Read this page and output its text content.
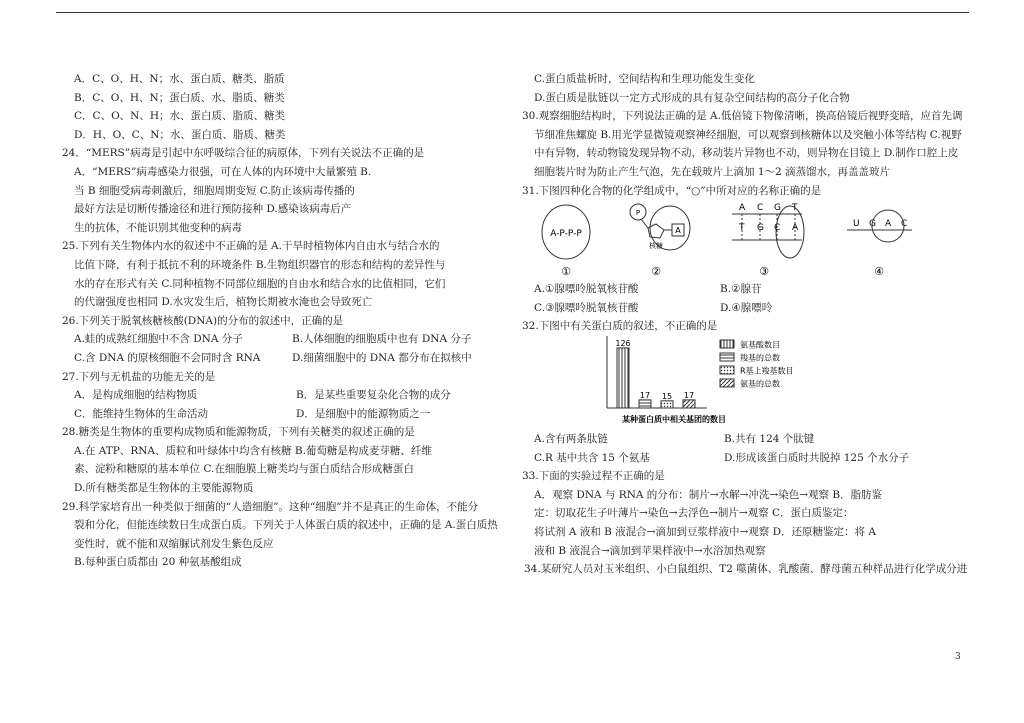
A．C、O、H、N；水、蛋白质、糖类、脂质
B．C、O、H、N；蛋白质、水、脂质、糖类
C．C、O、N、H；水、蛋白质、脂质、糖类
D．H、O、C、N；水、蛋白质、脂质、糖类
24．“MERS”病毒是引起中东呼吸综合征的病原体，下列有关说法不正确的是
A．“MERS”病毒感染力很强，可在人体的内环境中大量繁殖 B.
当 B 细胞受病毒刺激后，细胞周期变短 C.防止该病毒传播的
最好方法是切断传播途径和进行预防接种 D.感染该病毒后产
生的抗体，不能识别其他变种的病毒
25.下列有关生物体内水的叙述中不正确的是 A.干旱时植物体内自由水与结合水的
比值下降，有利于抵抗不利的环境条件 B.生物组织器官的形态和结构的差异性与
水的存在形式有关 C.同种植物不同部位细胞的自由水和结合水的比值相同，它们
的代谢强度也相同 D.水灾发生后，植物长期被水淹也会导致死亡
26.下列关于脱氧核糖核酸(DNA)的分布的叙述中，正确的是
A.蛙的成熟红细胞中不含 DNA 分子	B.人体细胞的细胞质中也有 DNA 分子
C.含 DNA 的原核细胞不会同时含 RNA	D.细菌细胞中的 DNA 都分布在拟核中
27.下列与无机盐的功能无关的是
A．是构成细胞的结构物质	B．是某些重要复杂化合物的成分
C．能维持生物体的生命活动	D．是细胞中的能源物质之一
28.糖类是生物体的重要构成物质和能源物质，下列有关糖类的叙述正确的是
A.在 ATP、RNA、质粒和叶绿体中均含有核糖 B.葡萄糖是构成麦芽糖、纤维
素、淀粉和糖原的基本单位 C.在细胞膜上糖类均与蛋白质结合形成糖蛋白
D.所有糖类都是生物体的主要能源物质
29.科学家培育出一种类似于细菌的“人造细胞”。这种“细胞”并不是真正的生命体，不能分
裂和分化，但能连续数日生成蛋白质。下列关于人体蛋白质的叙述中，正确的是 A.蛋白质热
变性时，就不能和双缩脲试剂发生紫色反应
B.每种蛋白质都由 20 种氨基酸组成
C.蛋白质盐析时，空间结构和生理功能发生变化
D.蛋白质是肽链以一定方式形成的具有复杂空间结构的高分子化合物
30.观察细胞结构时，下列说法正确的是 A.低倍镜下物像清晰，换高倍镜后视野变暗，应首先调
节细准焦螺旋 B.用光学显微镜观察神经细胞，可以观察到核糖体以及突触小体等结构 C.视野
中有异物，转动物镜发现异物不动，移动装片异物也不动，则异物在目镜上 D.制作口腔上皮
细胞装片时为防止产生气泡，先在载玻片上滴加 1～2 滴蒸馏水，再盖盖玻片
31.下图四种化合物的化学组成中，“○”中所对应的名称正确的是
A-P-P-P
①
P
核糖
A
②
A C G T
T G C A
③
U G A C
④
A.①腺嘌呤脱氧核苷酸	B.②腺苷
C.③腺嘌呤脱氧核苷酸	D.④腺嘌呤
32.下图中有关蛋白质的叙述，不正确的是
126
17 15 17
某种蛋白质中相关基团的数目
氨基酸数目
羧基的总数
R基上羧基数目
氨基的总数
A.含有两条肽链	B.共有 124 个肽键
C.R 基中共含 15 个氨基	D.形成该蛋白质时共脱掉 125 个水分子
33.下面的实验过程不正确的是
A．观察 DNA 与 RNA 的分布：制片→水解→冲洗→染色→观察 B．脂肪鉴
定：切取花生子叶薄片→染色→去浮色→制片→观察 C．蛋白质鉴定：
将试剂 A 液和 B 液混合→滴加到豆浆样液中→观察 D．还原糖鉴定：将 A
液和 B 液混合→滴加到苹果样液中→水浴加热观察
34.某研究人员对玉米组织、小白鼠组织、T2 噬菌体、乳酸菌、酵母菌五种样品进行化学成分进
3
